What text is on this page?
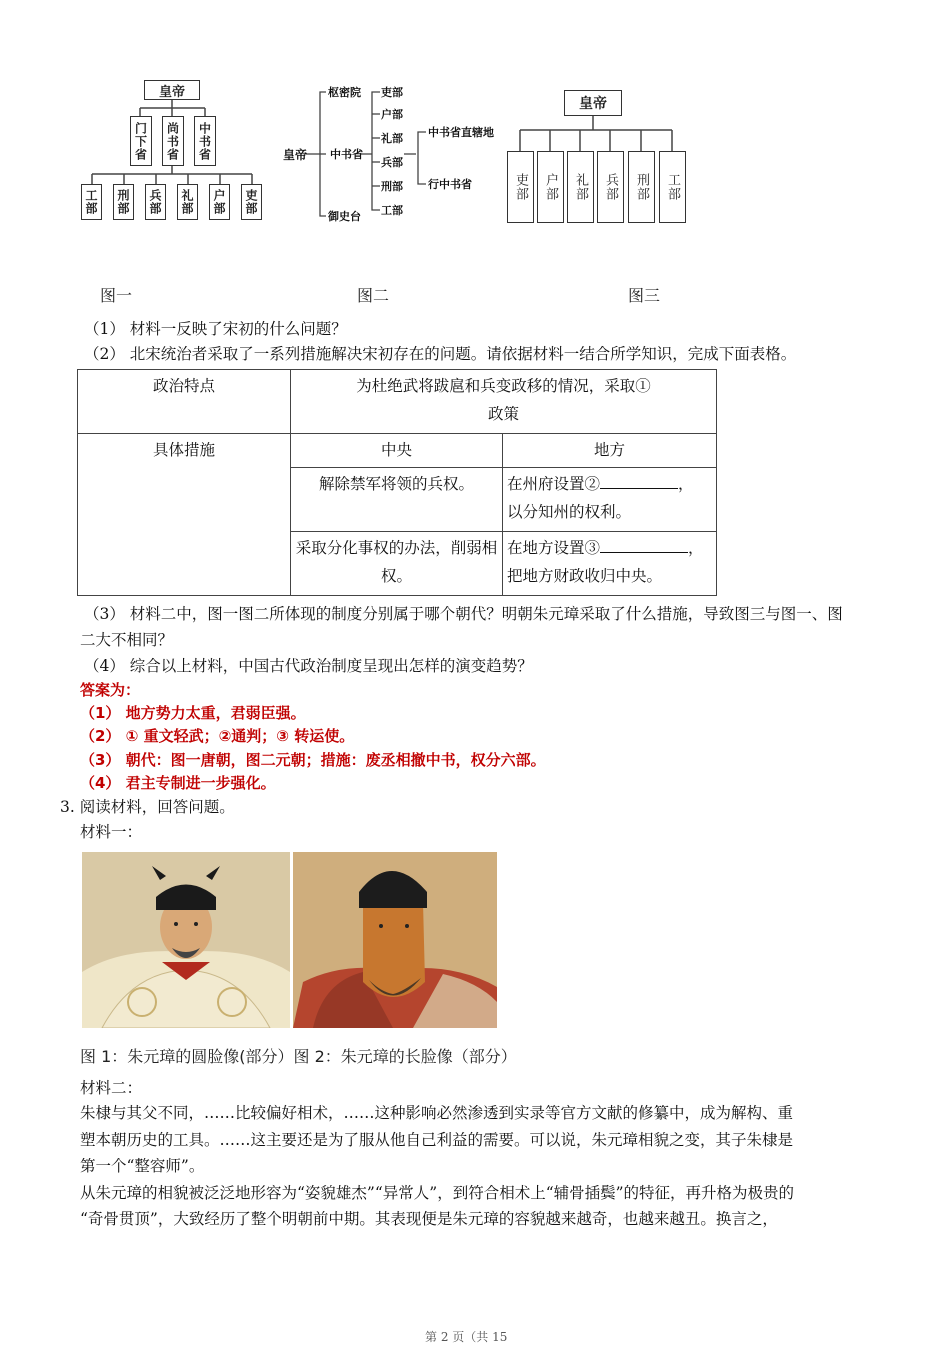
皇帝
门下省	尚书省	中书省
工部	刑部	兵部	礼部	户部	吏部
皇帝
枢密院
中书省
御史台
吏部
户部
礼部
兵部
刑部
工部
中书省直辖地
行中书省
皇帝
吏部	户部	礼部	兵部	刑部	工部
图一	图二	图三
（1） 材料一反映了宋初的什么问题？
（2） 北宋统治者采取了一系列措施解决宋初存在的问题。请依据材料一结合所学知识，完成下面表格。
政治特点	为杜绝武将跋扈和兵变政移的情况，采取①
政策	
具体措施	中央	地方
	解除禁军将领的兵权。	在州府设置② ，
以分知州的权利。
	采取分化事权的办法，削弱相权。	在地方设置③ ，
把地方财政收归中央。
（3） 材料二中，图一图二所体现的制度分别属于哪个朝代？明朝朱元璋采取了什么措施，导致图三与图一、图
二大不相同？
（4） 综合以上材料，中国古代政治制度呈现出怎样的演变趋势？
答案为：
（1） 地方势力太重，君弱臣强。
（2） ① 重文轻武；②通判；③ 转运使。
（3） 朝代：图一唐朝，图二元朝；措施：废丞相撤中书，权分六部。
（4） 君主专制进一步强化。
3. 阅读材料，回答问题。
材料一：
图 1：朱元璋的圆脸像(部分）图 2：朱元璋的长脸像（部分）
材料二：
朱棣与其父不同，……比较偏好相术，……这种影响必然渗透到实录等官方文献的修纂中，成为解构、重
塑本朝历史的工具。……这主要还是为了服从他自己利益的需要。可以说，朱元璋相貌之变，其子朱棣是
第一个“整容师”。
从朱元璋的相貌被泛泛地形容为“姿貌雄杰”“异常人”，到符合相术上“辅骨插鬓”的特征，再升格为极贵的
“奇骨贯顶”，大致经历了整个明朝前中期。其表现便是朱元璋的容貌越来越奇，也越来越丑。换言之，
第 2 页（共 15
